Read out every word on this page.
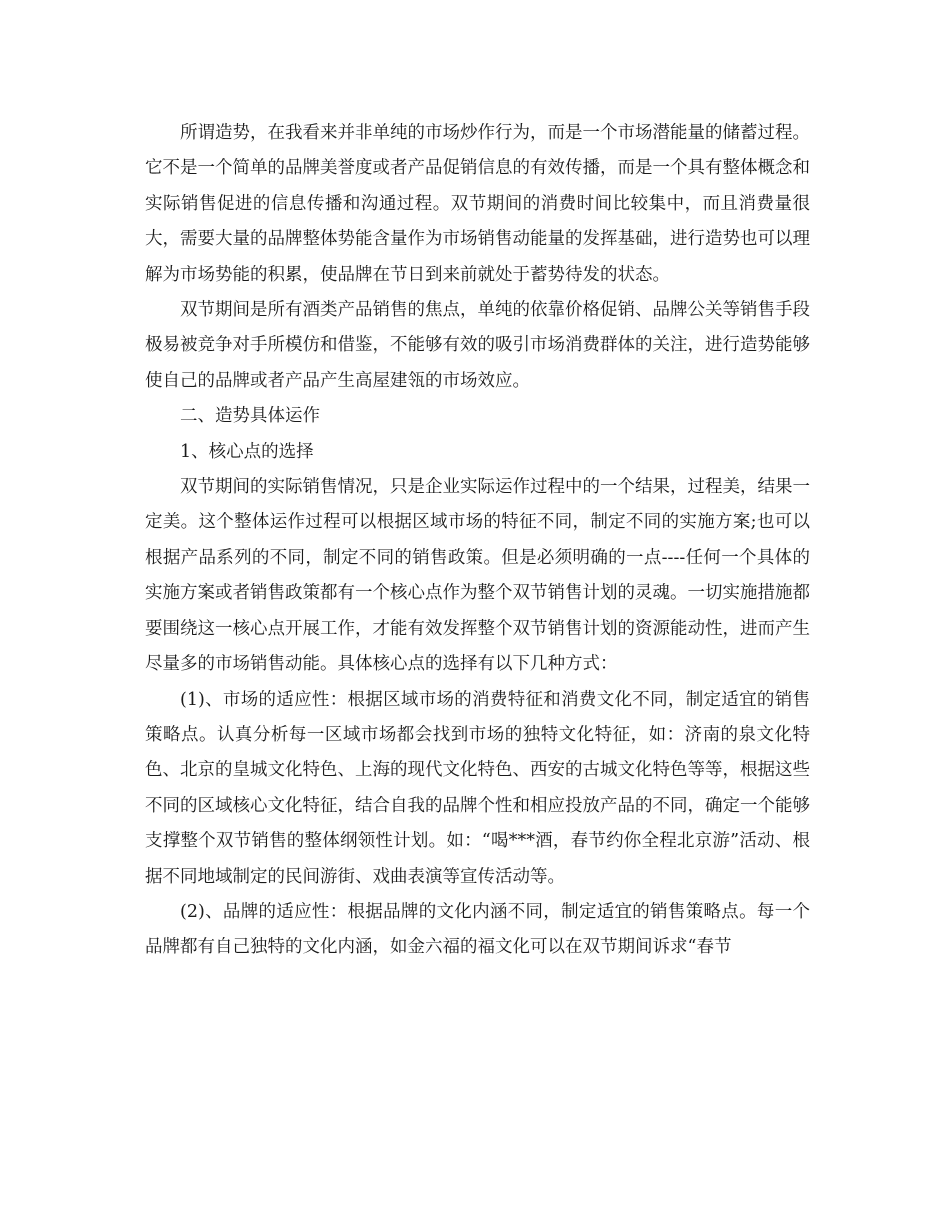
所谓造势，在我看来并非单纯的市场炒作行为，而是一个市场潜能量的储蓄过程。它不是一个简单的品牌美誉度或者产品促销信息的有效传播，而是一个具有整体概念和实际销售促进的信息传播和沟通过程。双节期间的消费时间比较集中，而且消费量很大，需要大量的品牌整体势能含量作为市场销售动能量的发挥基础，进行造势也可以理解为市场势能的积累，使品牌在节日到来前就处于蓄势待发的状态。

双节期间是所有酒类产品销售的焦点，单纯的依靠价格促销、品牌公关等销售手段极易被竞争对手所模仿和借鉴，不能够有效的吸引市场消费群体的关注，进行造势能够使自己的品牌或者产品产生高屋建瓴的市场效应。

二、造势具体运作

1、核心点的选择

双节期间的实际销售情况，只是企业实际运作过程中的一个结果，过程美，结果一定美。这个整体运作过程可以根据区域市场的特征不同，制定不同的实施方案;也可以根据产品系列的不同，制定不同的销售政策。但是必须明确的一点----任何一个具体的实施方案或者销售政策都有一个核心点作为整个双节销售计划的灵魂。一切实施措施都要围绕这一核心点开展工作，才能有效发挥整个双节销售计划的资源能动性，进而产生尽量多的市场销售动能。具体核心点的选择有以下几种方式：

(1)、市场的适应性：根据区域市场的消费特征和消费文化不同，制定适宜的销售策略点。认真分析每一区域市场都会找到市场的独特文化特征，如：济南的泉文化特色、北京的皇城文化特色、上海的现代文化特色、西安的古城文化特色等等，根据这些不同的区域核心文化特征，结合自我的品牌个性和相应投放产品的不同，确定一个能够支撑整个双节销售的整体纲领性计划。如：“喝***酒，春节约你全程北京游”活动、根据不同地域制定的民间游街、戏曲表演等宣传活动等。

(2)、品牌的适应性：根据品牌的文化内涵不同，制定适宜的销售策略点。每一个品牌都有自己独特的文化内涵，如金六福的福文化可以在双节期间诉求“春节
